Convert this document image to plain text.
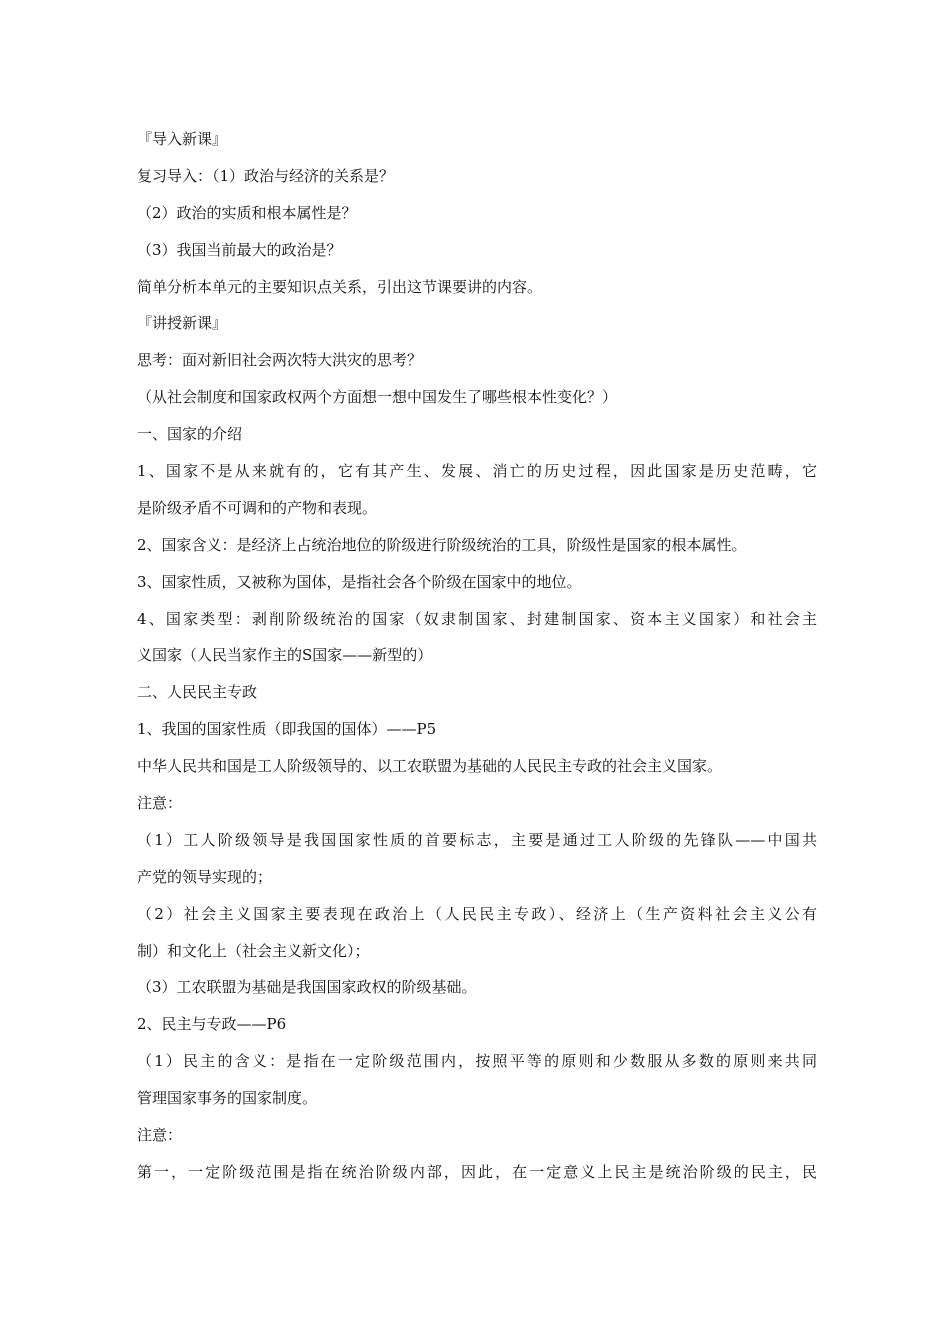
『导入新课』
复习导入：（1）政治与经济的关系是？
（2）政治的实质和根本属性是？
（3）我国当前最大的政治是？
简单分析本单元的主要知识点关系，引出这节课要讲的内容。
『讲授新课』
思考：面对新旧社会两次特大洪灾的思考？
（从社会制度和国家政权两个方面想一想中国发生了哪些根本性变化？）
一、国家的介绍
1、国家不是从来就有的，它有其产生、发展、消亡的历史过程，因此国家是历史范畴，它
是阶级矛盾不可调和的产物和表现。
2、国家含义：是经济上占统治地位的阶级进行阶级统治的工具，阶级性是国家的根本属性。
3、国家性质，又被称为国体，是指社会各个阶级在国家中的地位。
4、国家类型：剥削阶级统治的国家（奴隶制国家、封建制国家、资本主义国家）和社会主
义国家（人民当家作主的S国家——新型的）
二、人民民主专政
1、我国的国家性质（即我国的国体）——P5
中华人民共和国是工人阶级领导的、以工农联盟为基础的人民民主专政的社会主义国家。
注意：
（1）工人阶级领导是我国国家性质的首要标志，主要是通过工人阶级的先锋队——中国共
产党的领导实现的；
（2）社会主义国家主要表现在政治上（人民民主专政）、经济上（生产资料社会主义公有
制）和文化上（社会主义新文化）；
（3）工农联盟为基础是我国国家政权的阶级基础。
2、民主与专政——P6
（1）民主的含义：是指在一定阶级范围内，按照平等的原则和少数服从多数的原则来共同
管理国家事务的国家制度。
注意：
第一，一定阶级范围是指在统治阶级内部，因此，在一定意义上民主是统治阶级的民主，民
